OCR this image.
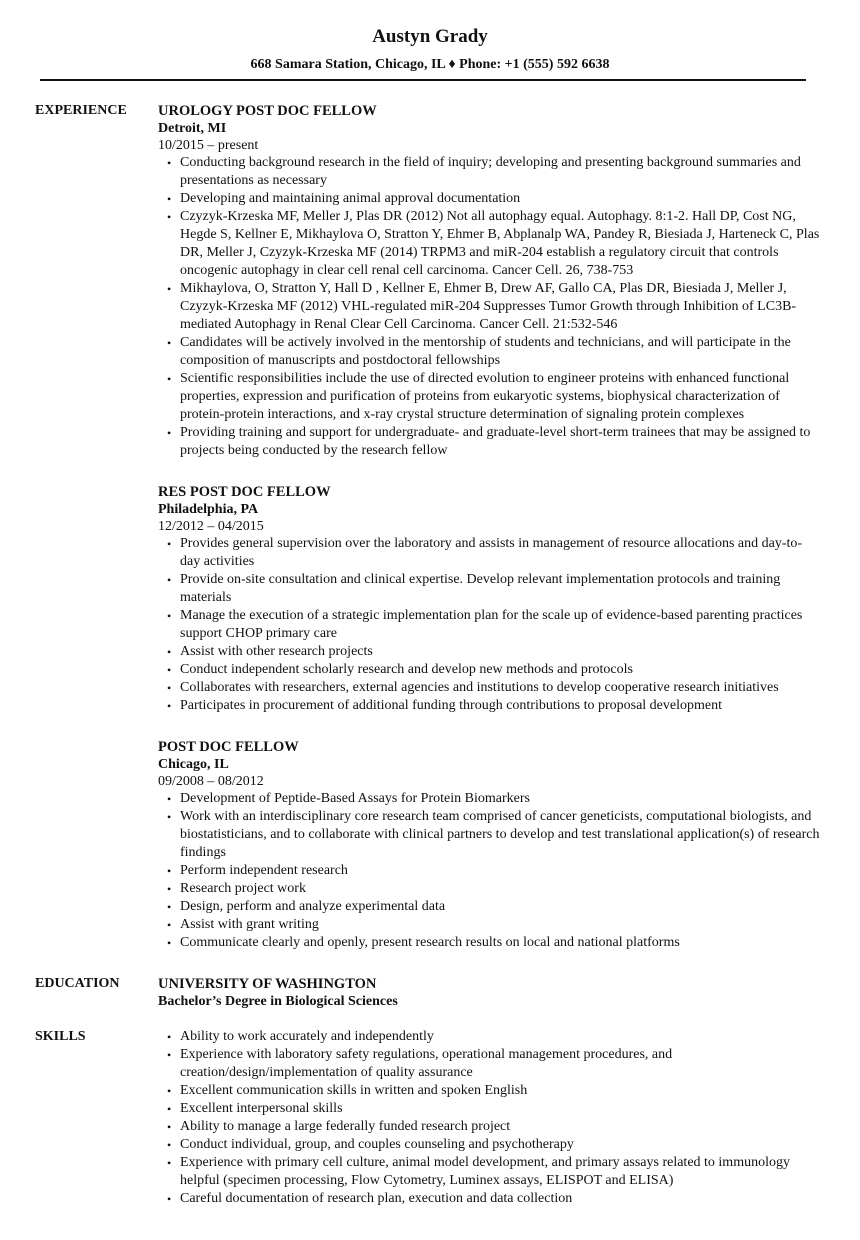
Austyn Grady
668 Samara Station, Chicago, IL ♦ Phone: +1 (555) 592 6638
EXPERIENCE UROLOGY POST DOC FELLOW
Detroit, MI
10/2015 – present
• Conducting background research in the field of inquiry; developing and presenting background summaries and presentations as necessary
• Developing and maintaining animal approval documentation
• Czyzyk-Krzeska MF, Meller J, Plas DR (2012) Not all autophagy equal. Autophagy. 8:1-2. Hall DP, Cost NG, Hegde S, Kellner E, Mikhaylova O, Stratton Y, Ehmer B, Abplanalp WA, Pandey R, Biesiada J, Harteneck C, Plas DR, Meller J, Czyzyk-Krzeska MF (2014) TRPM3 and miR-204 establish a regulatory circuit that controls oncogenic autophagy in clear cell renal cell carcinoma. Cancer Cell. 26, 738-753
• Mikhaylova, O, Stratton Y, Hall D , Kellner E, Ehmer B, Drew AF, Gallo CA, Plas DR, Biesiada J, Meller J, Czyzyk-Krzeska MF (2012) VHL-regulated miR-204 Suppresses Tumor Growth through Inhibition of LC3B-mediated Autophagy in Renal Clear Cell Carcinoma. Cancer Cell. 21:532-546
• Candidates will be actively involved in the mentorship of students and technicians, and will participate in the composition of manuscripts and postdoctoral fellowships
• Scientific responsibilities include the use of directed evolution to engineer proteins with enhanced functional properties, expression and purification of proteins from eukaryotic systems, biophysical characterization of protein-protein interactions, and x-ray crystal structure determination of signaling protein complexes
• Providing training and support for undergraduate- and graduate-level short-term trainees that may be assigned to projects being conducted by the research fellow
RES POST DOC FELLOW
Philadelphia, PA
12/2012 – 04/2015
• Provides general supervision over the laboratory and assists in management of resource allocations and day-to-day activities
• Provide on-site consultation and clinical expertise. Develop relevant implementation protocols and training materials
• Manage the execution of a strategic implementation plan for the scale up of evidence-based parenting practices support CHOP primary care
• Assist with other research projects
• Conduct independent scholarly research and develop new methods and protocols
• Collaborates with researchers, external agencies and institutions to develop cooperative research initiatives
• Participates in procurement of additional funding through contributions to proposal development
POST DOC FELLOW
Chicago, IL
09/2008 – 08/2012
• Development of Peptide-Based Assays for Protein Biomarkers
• Work with an interdisciplinary core research team comprised of cancer geneticists, computational biologists, and biostatisticians, and to collaborate with clinical partners to develop and test translational application(s) of research findings
• Perform independent research
• Research project work
• Design, perform and analyze experimental data
• Assist with grant writing
• Communicate clearly and openly, present research results on local and national platforms
EDUCATION	UNIVERSITY OF WASHINGTON
Bachelor’s Degree in Biological Sciences
SKILLS
•	Ability to work accurately and independently
• Experience with laboratory safety regulations, operational management procedures, and creation/design/implementation of quality assurance
• Excellent communication skills in written and spoken English
• Excellent interpersonal skills
• Ability to manage a large federally funded research project
• Conduct individual, group, and couples counseling and psychotherapy
• Experience with primary cell culture, animal model development, and primary assays related to immunology helpful (specimen processing, Flow Cytometry, Luminex assays, ELISPOT and ELISA)
• Careful documentation of research plan, execution and data collection
